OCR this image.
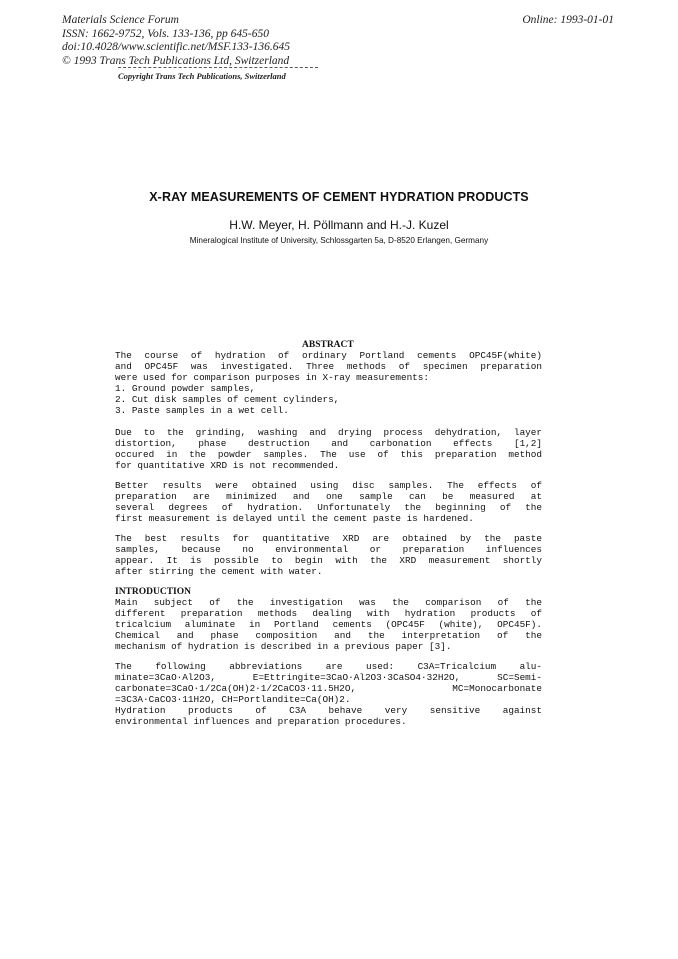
Materials Science Forum
ISSN: 1662-9752, Vols. 133-136, pp 645-650
doi:10.4028/www.scientific.net/MSF.133-136.645
© 1993 Trans Tech Publications Ltd, Switzerland
Online: 1993-01-01
Copyright Trans Tech Publications, Switzerland
X-RAY MEASUREMENTS OF CEMENT HYDRATION PRODUCTS
H.W. Meyer, H. Pöllmann and H.-J. Kuzel
Mineralogical Institute of University, Schlossgarten 5a, D-8520 Erlangen, Germany
ABSTRACT
The course of hydration of ordinary Portland cements OPC45F(white)
and OPC45F was investigated. Three methods of specimen preparation
were used for comparison purposes in X-ray measurements:
1. Ground powder samples,
2. Cut disk samples of cement cylinders,
3. Paste samples in a wet cell.
Due to the grinding, washing and drying process dehydration, layer
distortion, phase destruction and carbonation effects [1,2]
occured in the powder samples. The use of this preparation method
for quantitative XRD is not recommended.
Better results were obtained using disc samples. The effects of
preparation are minimized and one sample can be measured at
several degrees of hydration. Unfortunately the beginning of the
first measurement is delayed until the cement paste is hardened.
The best results for quantitative XRD are obtained by the paste
samples, because no environmental or preparation influences
appear. It is possible to begin with the XRD measurement shortly
after stirring the cement with water.
INTRODUCTION
Main subject of the investigation was the comparison of the
different preparation methods dealing with hydration products of
tricalcium aluminate in Portland cements (OPC45F (white), OPC45F).
Chemical and phase composition and the interpretation of the
mechanism of hydration is described in a previous paper [3].
The following abbreviations are used: C3A=Tricalcium alu-
minate=3CaO·Al2O3, E=Ettringite=3CaO·Al2O3·3CaSO4·32H2O, SC=Semi-
carbonate=3CaO·1/2Ca(OH)2·1/2CaCO3·11.5H2O, MC=Monocarbonate
=3C3A·CaCO3·11H2O, CH=Portlandite=Ca(OH)2.
Hydration products of C3A behave very sensitive against
environmental influences and preparation procedures.
